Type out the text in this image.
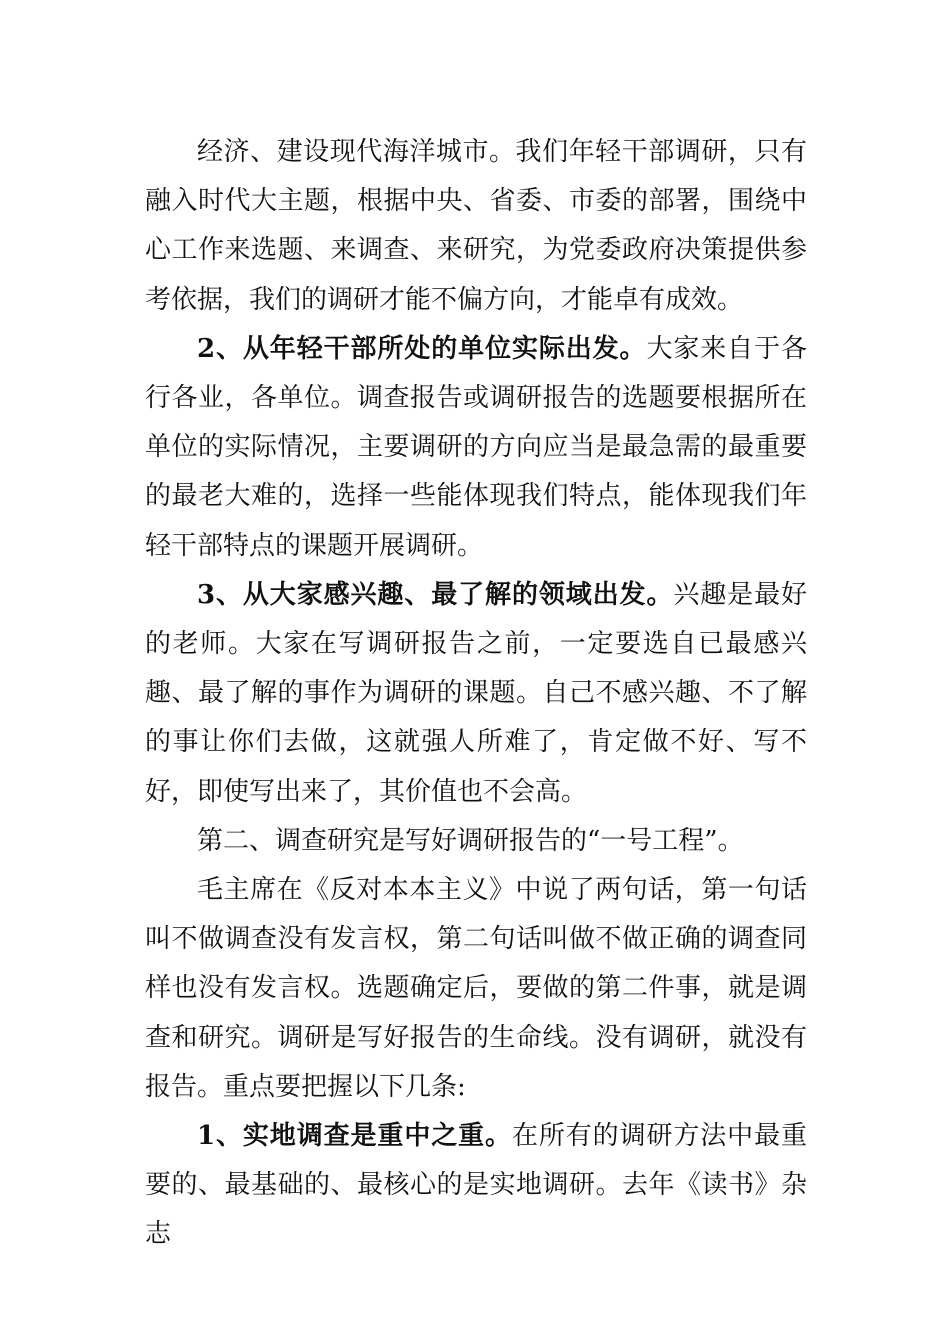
经济、建设现代海洋城市。我们年轻干部调研，只有融入时代大主题，根据中央、省委、市委的部署，围绕中心工作来选题、来调查、来研究，为党委政府决策提供参考依据，我们的调研才能不偏方向，才能卓有成效。

2、从年轻干部所处的单位实际出发。大家来自于各行各业，各单位。调查报告或调研报告的选题要根据所在单位的实际情况，主要调研的方向应当是最急需的最重要的最老大难的，选择一些能体现我们特点，能体现我们年轻干部特点的课题开展调研。

3、从大家感兴趣、最了解的领域出发。兴趣是最好的老师。大家在写调研报告之前，一定要选自已最感兴趣、最了解的事作为调研的课题。自己不感兴趣、不了解的事让你们去做，这就强人所难了，肯定做不好、写不好，即使写出来了，其价值也不会高。

第二、调查研究是写好调研报告的“一号工程”。

毛主席在《反对本本主义》中说了两句话，第一句话叫不做调查没有发言权，第二句话叫做不做正确的调查同样也没有发言权。选题确定后，要做的第二件事，就是调查和研究。调研是写好报告的生命线。没有调研，就没有报告。重点要把握以下几条:

1、实地调查是重中之重。在所有的调研方法中最重要的、最基础的、最核心的是实地调研。去年《读书》杂志
